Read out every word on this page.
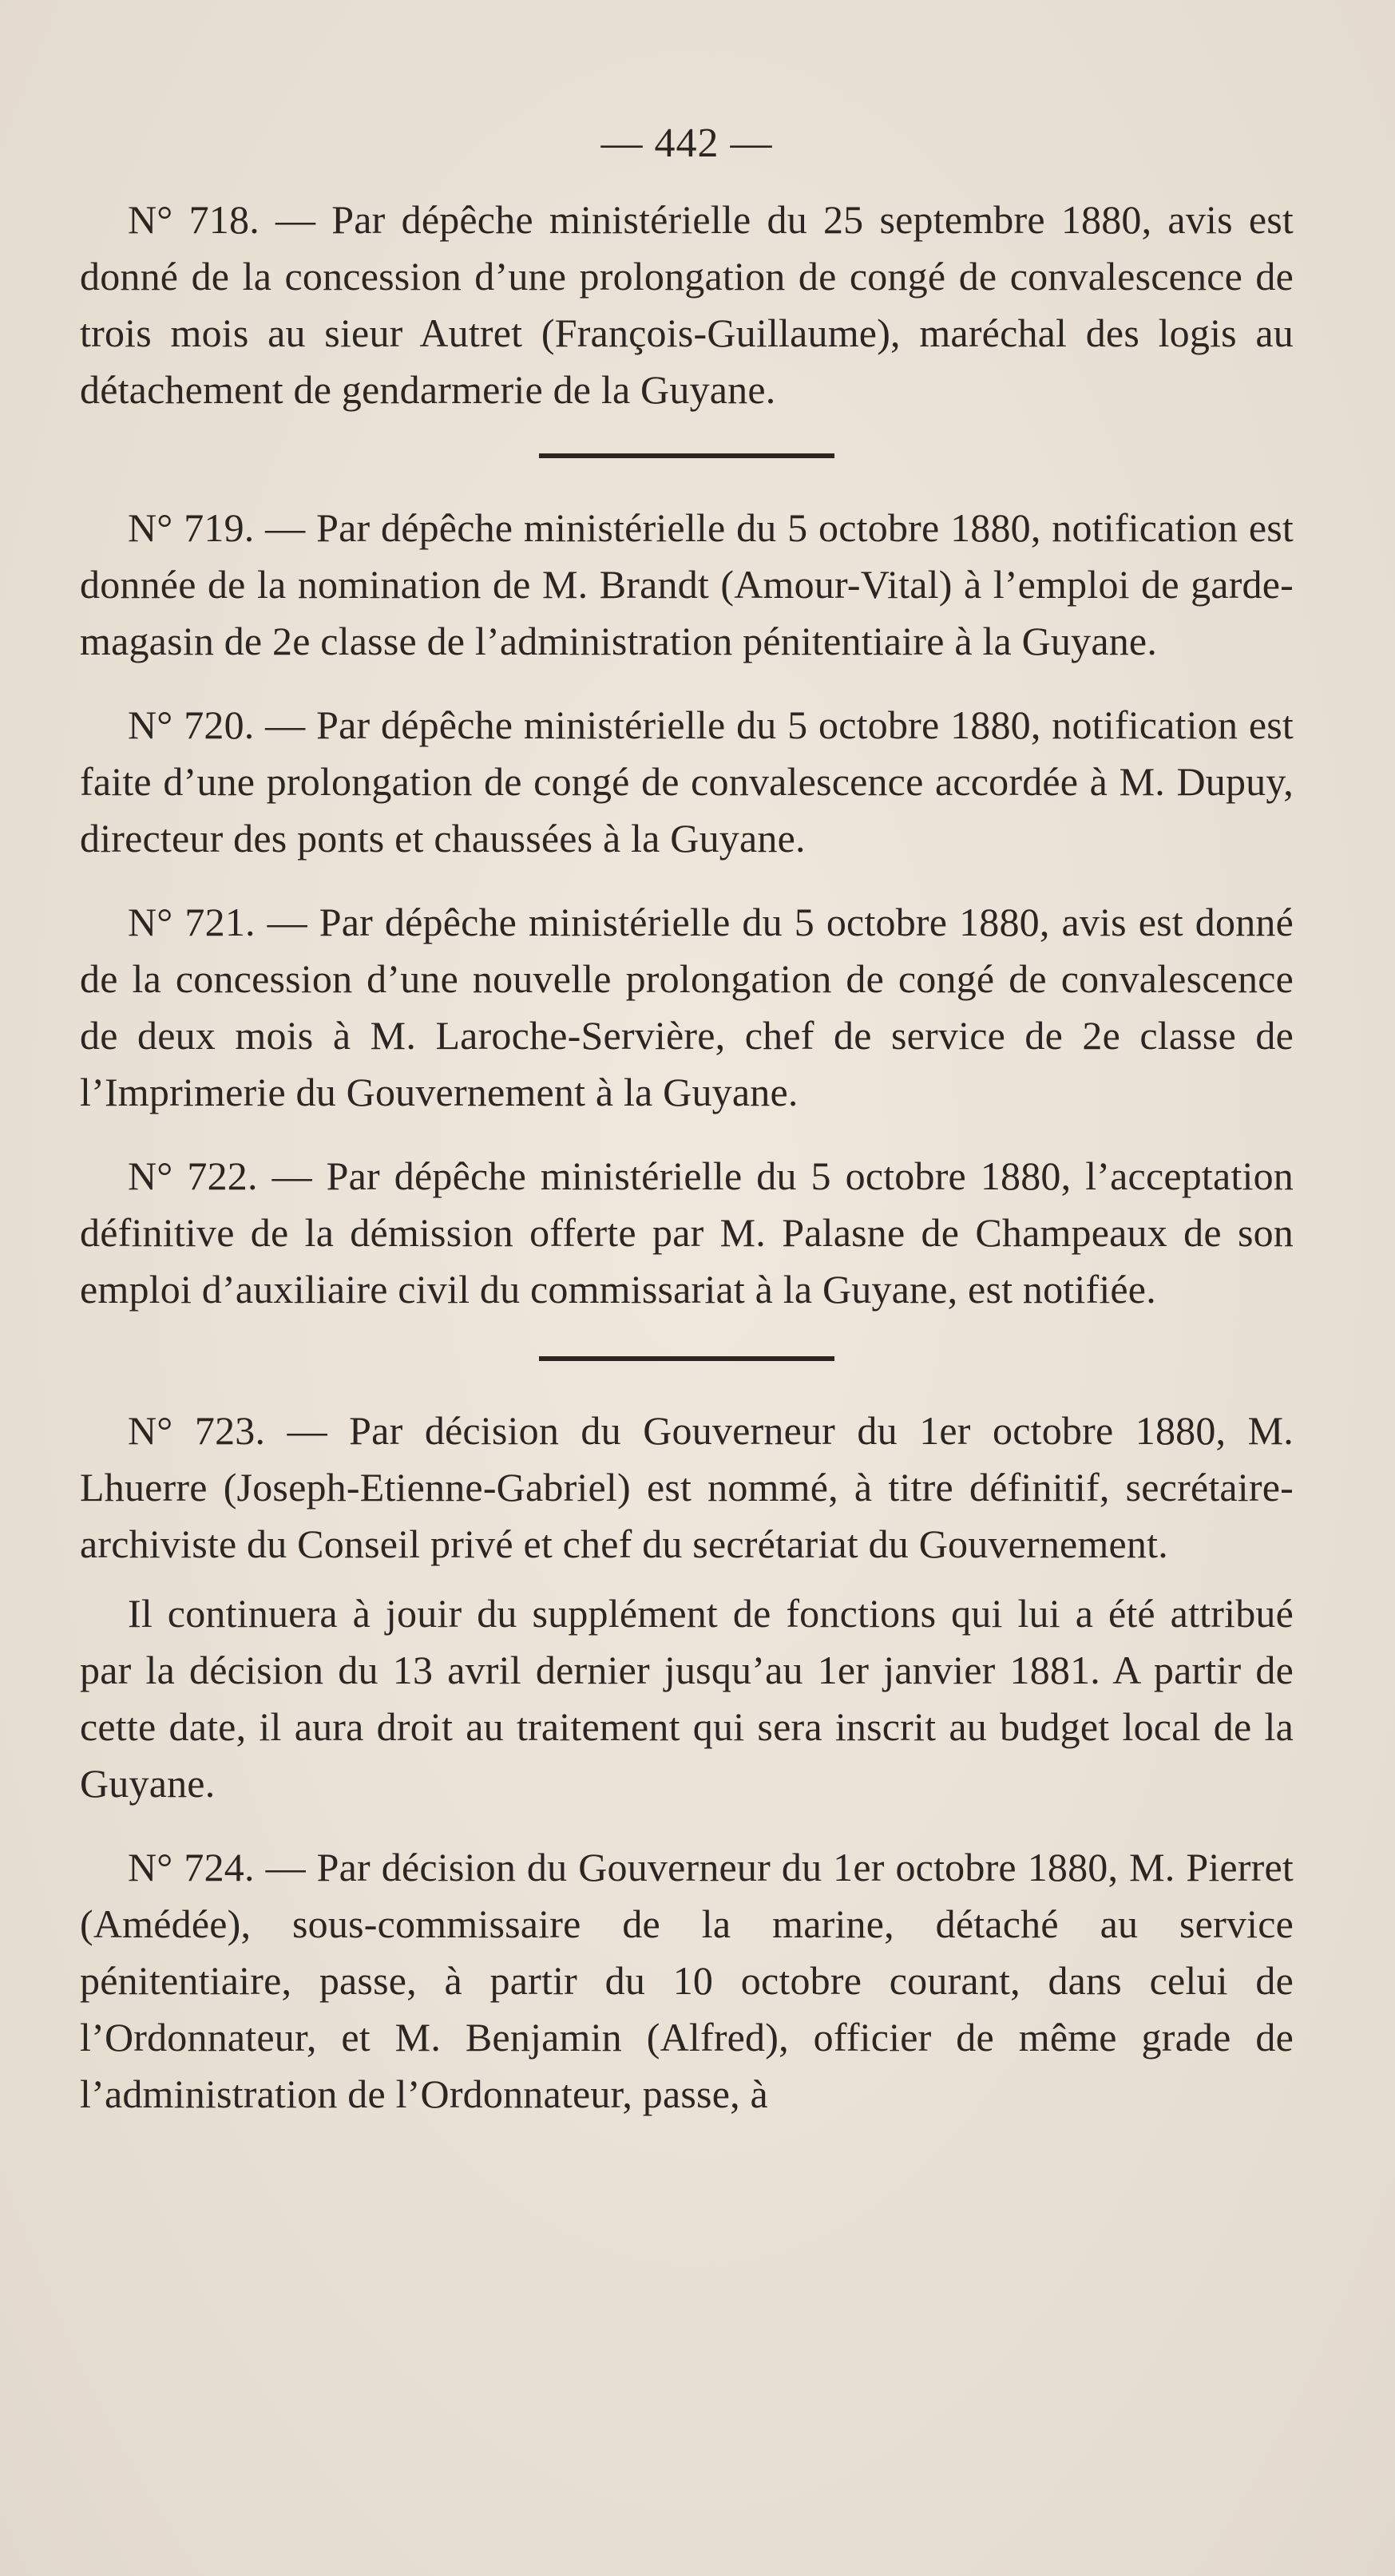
— 442 —

N° 718. — Par dépêche ministérielle du 25 septembre 1880, avis est donné de la concession d’une prolongation de congé de convalescence de trois mois au sieur Autret (François-Guillaume), maréchal des logis au détachement de gendarmerie de la Guyane.

N° 719. — Par dépêche ministérielle du 5 octobre 1880, notification est donnée de la nomination de M. Brandt (Amour-Vital) à l’emploi de garde-magasin de 2e classe de l’administration pénitentiaire à la Guyane.

N° 720. — Par dépêche ministérielle du 5 octobre 1880, notification est faite d’une prolongation de congé de convalescence accordée à M. Dupuy, directeur des ponts et chaussées à la Guyane.

N° 721. — Par dépêche ministérielle du 5 octobre 1880, avis est donné de la concession d’une nouvelle prolongation de congé de convalescence de deux mois à M. Laroche-Servière, chef de service de 2e classe de l’Imprimerie du Gouvernement à la Guyane.

N° 722. — Par dépêche ministérielle du 5 octobre 1880, l’acceptation définitive de la démission offerte par M. Palasne de Champeaux de son emploi d’auxiliaire civil du commissariat à la Guyane, est notifiée.

N° 723. — Par décision du Gouverneur du 1er octobre 1880, M. Lhuerre (Joseph-Etienne-Gabriel) est nommé, à titre définitif, secrétaire-archiviste du Conseil privé et chef du secrétariat du Gouvernement.

Il continuera à jouir du supplément de fonctions qui lui a été attribué par la décision du 13 avril dernier jusqu’au 1er janvier 1881. A partir de cette date, il aura droit au traitement qui sera inscrit au budget local de la Guyane.

N° 724. — Par décision du Gouverneur du 1er octobre 1880, M. Pierret (Amédée), sous-commissaire de la marine, détaché au service pénitentiaire, passe, à partir du 10 octobre courant, dans celui de l’Ordonnateur, et M. Benjamin (Alfred), officier de même grade de l’administration de l’Ordonnateur, passe, à
